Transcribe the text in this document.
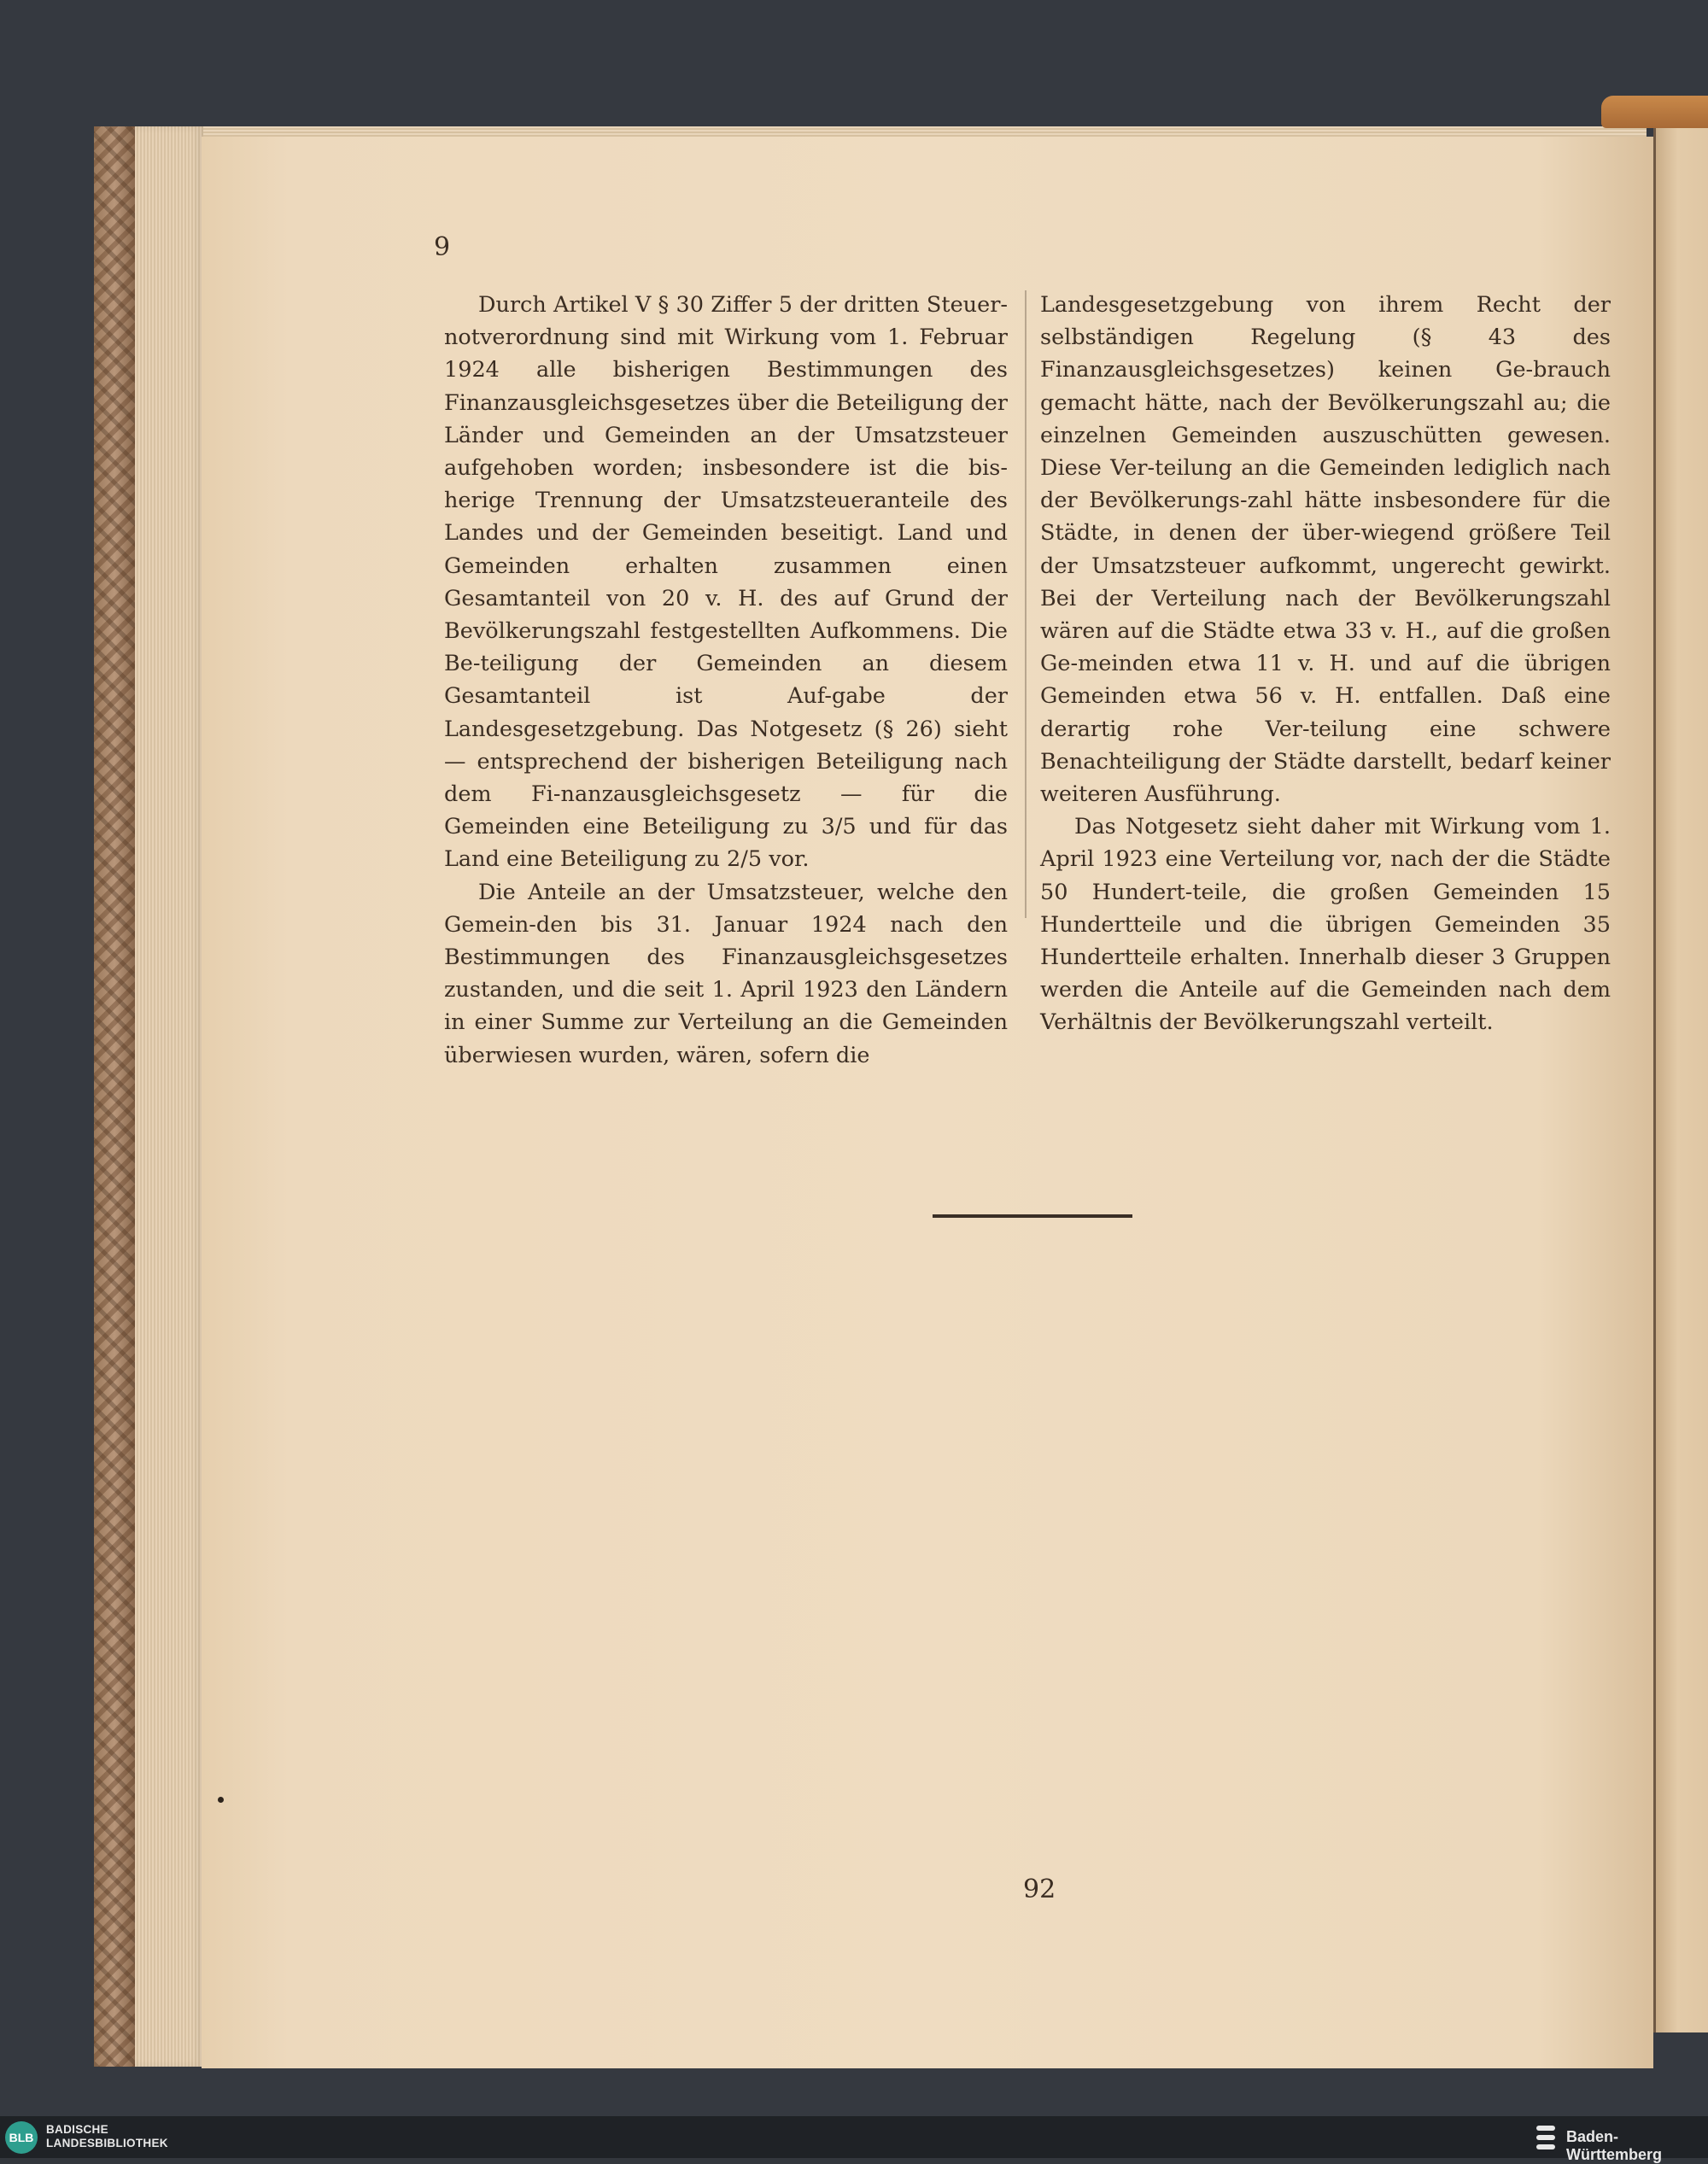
9

Durch Artikel V § 30 Ziffer 5 der dritten Steuer-notverordnung sind mit Wirkung vom 1. Februar 1924 alle bisherigen Bestimmungen des Finanzausgleichsgesetzes über die Beteiligung der Länder und Gemeinden an der Umsatzsteuer aufgehoben worden; insbesondere ist die bis-herige Trennung der Umsatzsteueranteile des Landes und der Gemeinden beseitigt. Land und Gemeinden erhalten zusammen einen Gesamtanteil von 20 v. H. des auf Grund der Bevölkerungszahl festgestellten Aufkommens. Die Be-teiligung der Gemeinden an diesem Gesamtanteil ist Auf-gabe der Landesgesetzgebung. Das Notgesetz (§ 26) sieht — entsprechend der bisherigen Beteiligung nach dem Fi-nanzausgleichsgesetz — für die Gemeinden eine Beteiligung zu 3/5 und für das Land eine Beteiligung zu 2/5 vor.

Die Anteile an der Umsatzsteuer, welche den Gemein-den bis 31. Januar 1924 nach den Bestimmungen des Finanzausgleichsgesetzes zustanden, und die seit 1. April 1923 den Ländern in einer Summe zur Verteilung an die Gemeinden überwiesen wurden, wären, sofern die

Landesgesetzgebung von ihrem Recht der selbständigen Regelung (§ 43 des Finanzausgleichsgesetzes) keinen Ge-brauch gemacht hätte, nach der Bevölkerungszahl au; die einzelnen Gemeinden auszuschütten gewesen. Diese Ver-teilung an die Gemeinden lediglich nach der Bevölkerungs-zahl hätte insbesondere für die Städte, in denen der über-wiegend größere Teil der Umsatzsteuer aufkommt, ungerecht gewirkt. Bei der Verteilung nach der Bevölkerungszahl wären auf die Städte etwa 33 v. H., auf die großen Ge-meinden etwa 11 v. H. und auf die übrigen Gemeinden etwa 56 v. H. entfallen. Daß eine derartig rohe Ver-teilung eine schwere Benachteiligung der Städte darstellt, bedarf keiner weiteren Ausführung.

Das Notgesetz sieht daher mit Wirkung vom 1. April 1923 eine Verteilung vor, nach der die Städte 50 Hundert-teile, die großen Gemeinden 15 Hundertteile und die übrigen Gemeinden 35 Hundertteile erhalten. Innerhalb dieser 3 Gruppen werden die Anteile auf die Gemeinden nach dem Verhältnis der Bevölkerungszahl verteilt.

92
BLB
BADISCHE
LANDESBIBLIOTHEK	Baden-Württemberg
